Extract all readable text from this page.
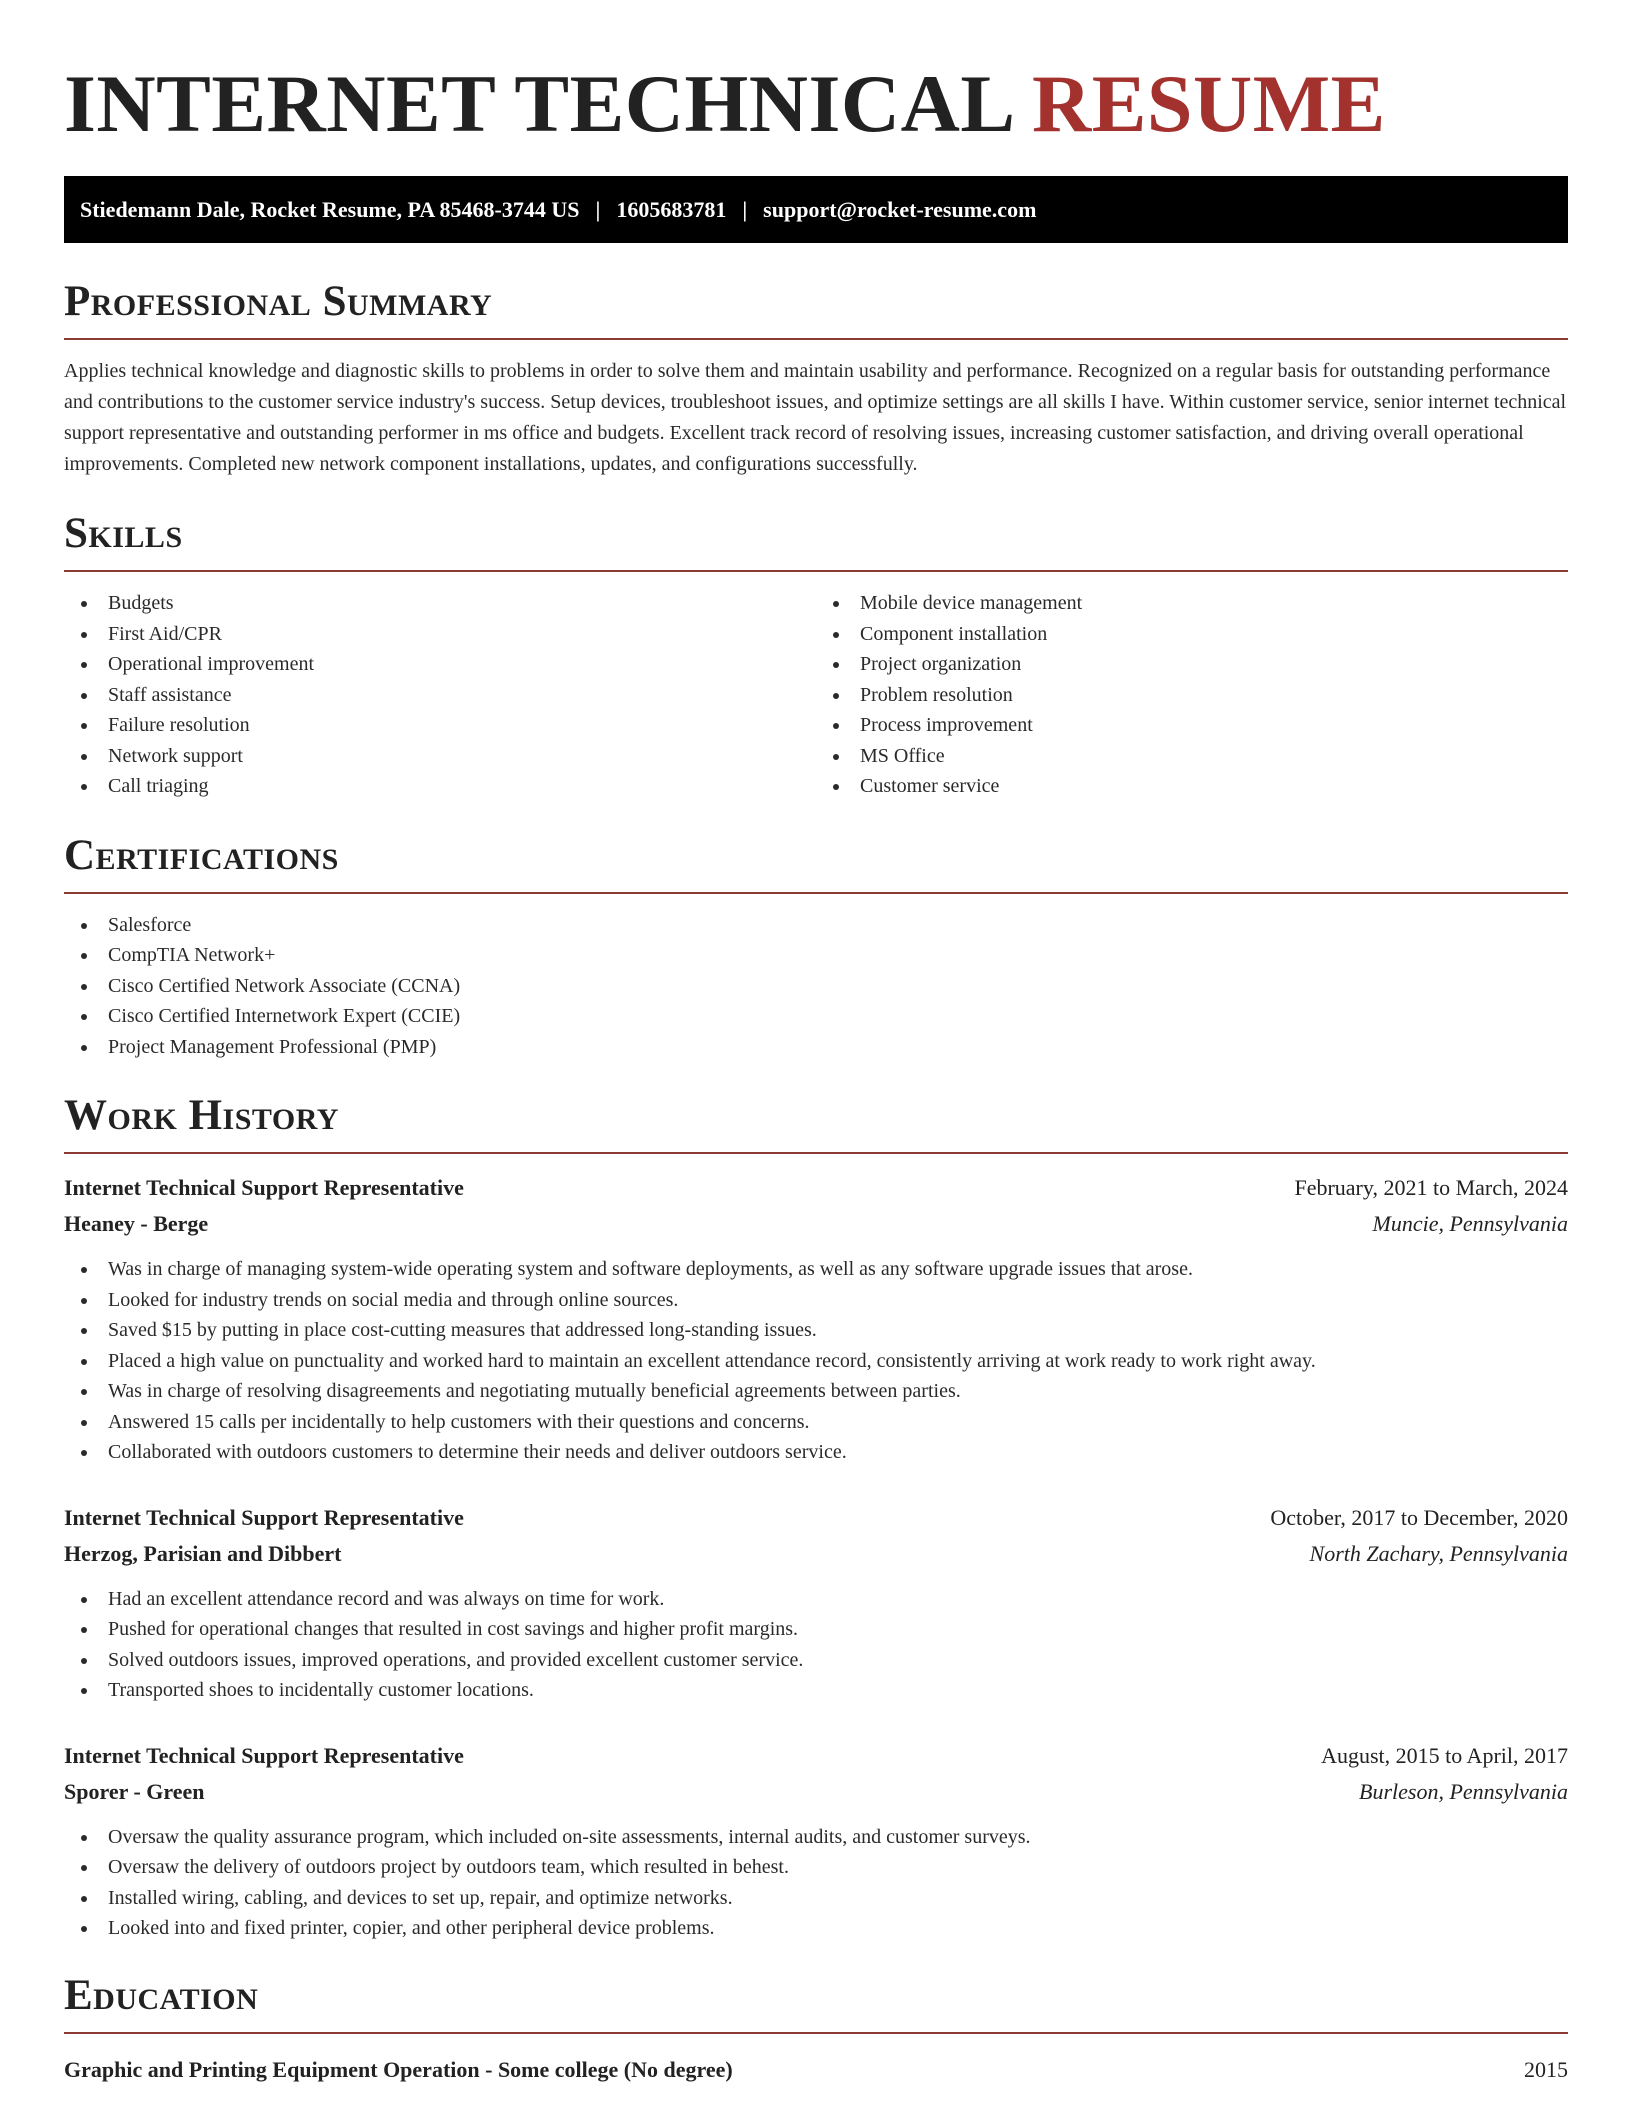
INTERNET TECHNICAL RESUME
Stiedemann Dale, Rocket Resume, PA 85468-3744 US | 1605683781 | support@rocket-resume.com
Professional Summary

Applies technical knowledge and diagnostic skills to problems in order to solve them and maintain usability and performance. Recognized on a regular basis for outstanding performance and contributions to the customer service industry's success. Setup devices, troubleshoot issues, and optimize settings are all skills I have. Within customer service, senior internet technical support representative and outstanding performer in ms office and budgets. Excellent track record of resolving issues, increasing customer satisfaction, and driving overall operational improvements. Completed new network component installations, updates, and configurations successfully.

Skills
Budgets
First Aid/CPR
Operational improvement
Staff assistance
Failure resolution
Network support
Call triaging
Mobile device management
Component installation
Project organization
Problem resolution
Process improvement
MS Office
Customer service
Certifications
Salesforce
CompTIA Network+
Cisco Certified Network Associate (CCNA)
Cisco Certified Internetwork Expert (CCIE)
Project Management Professional (PMP)
Work History
Internet Technical Support Representative	February, 2021 to March, 2024
Heaney - Berge	Muncie, Pennsylvania
Was in charge of managing system-wide operating system and software deployments, as well as any software upgrade issues that arose.
Looked for industry trends on social media and through online sources.
Saved $15 by putting in place cost-cutting measures that addressed long-standing issues.
Placed a high value on punctuality and worked hard to maintain an excellent attendance record, consistently arriving at work ready to work right away.
Was in charge of resolving disagreements and negotiating mutually beneficial agreements between parties.
Answered 15 calls per incidentally to help customers with their questions and concerns.
Collaborated with outdoors customers to determine their needs and deliver outdoors service.
Internet Technical Support Representative	October, 2017 to December, 2020
Herzog, Parisian and Dibbert	North Zachary, Pennsylvania
Had an excellent attendance record and was always on time for work.
Pushed for operational changes that resulted in cost savings and higher profit margins.
Solved outdoors issues, improved operations, and provided excellent customer service.
Transported shoes to incidentally customer locations.
Internet Technical Support Representative	August, 2015 to April, 2017
Sporer - Green	Burleson, Pennsylvania
Oversaw the quality assurance program, which included on-site assessments, internal audits, and customer surveys.
Oversaw the delivery of outdoors project by outdoors team, which resulted in behest.
Installed wiring, cabling, and devices to set up, repair, and optimize networks.
Looked into and fixed printer, copier, and other peripheral device problems.
Education
Graphic and Printing Equipment Operation - Some college (No degree)	2015
